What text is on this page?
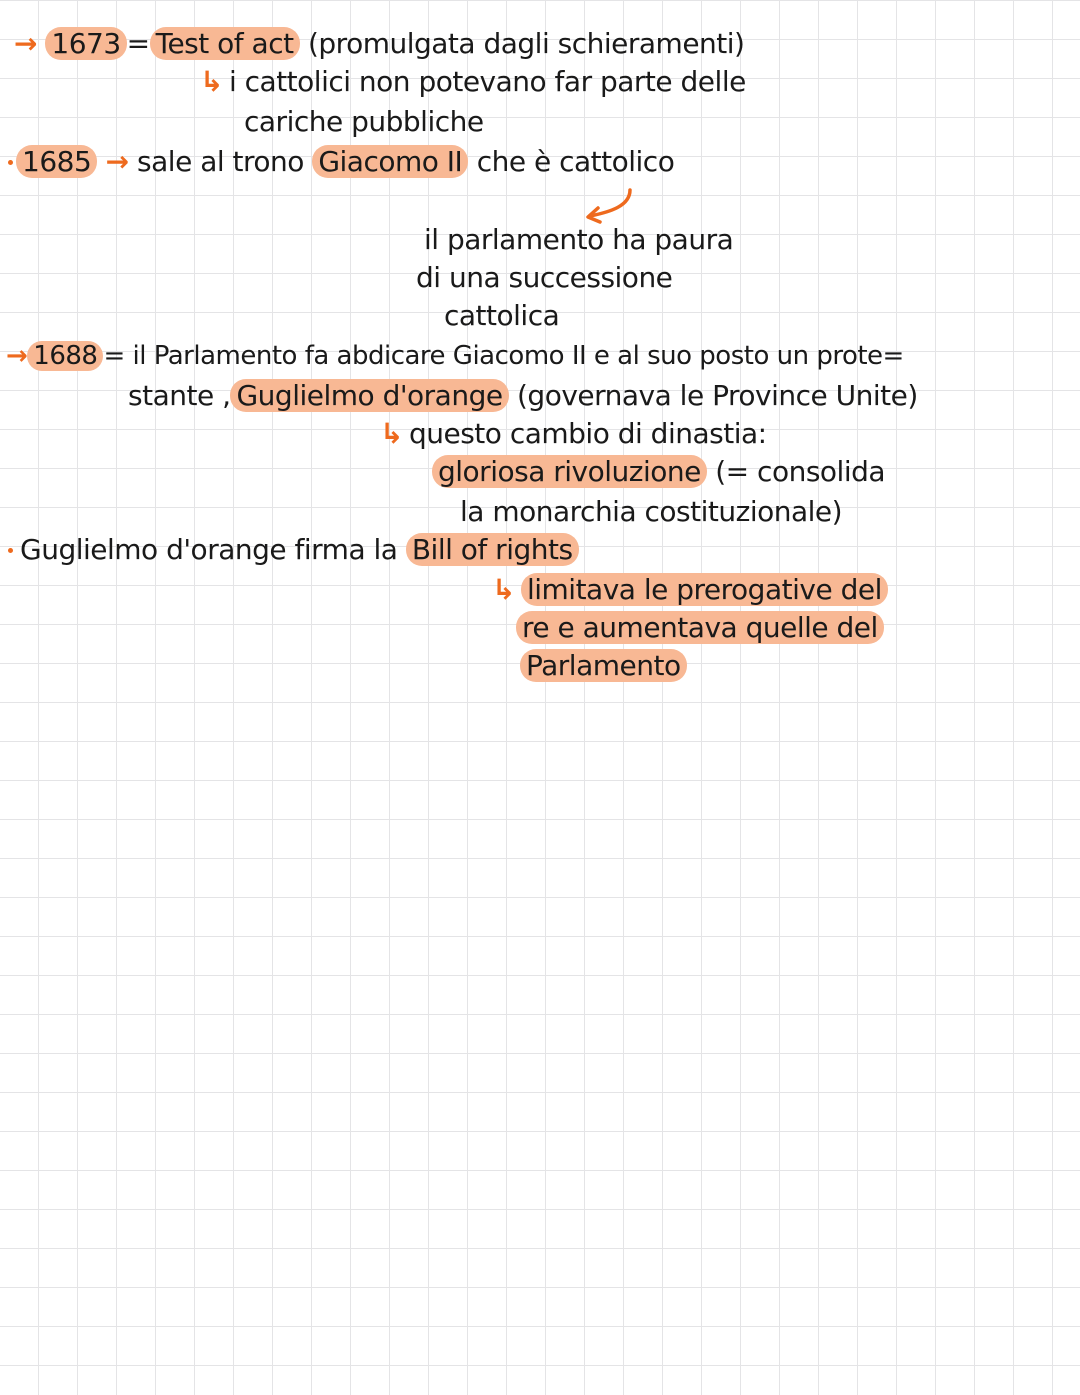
→ 1673 = Test of act (promulgata dagli schieramenti)
↳ i cattolici non potevano far parte delle
cariche pubbliche
1685 → sale al trono Giacomo II che è cattolico
il parlamento ha paura
di una successione
cattolica
→ 1688 = il Parlamento fa abdicare Giacomo II e al suo posto un prote=
stante , Guglielmo d'orange (governava le Province Unite)
↳ questo cambio di dinastia:
gloriosa rivoluzione (= consolida
la monarchia costituzionale)
Guglielmo d'orange firma la Bill of rights
↳ limitava le prerogative del
re e aumentava quelle del
Parlamento
